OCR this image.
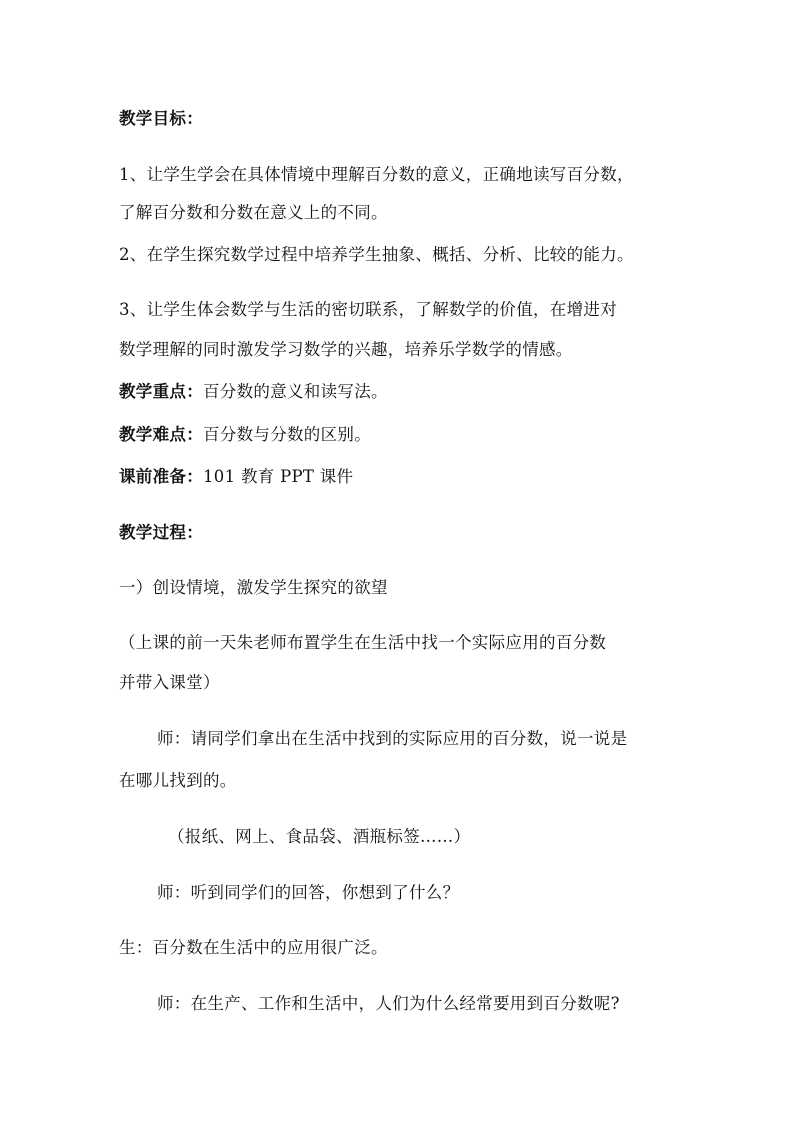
教学目标：
1、让学生学会在具体情境中理解百分数的意义，正确地读写百分数，
了解百分数和分数在意义上的不同。
2、在学生探究数学过程中培养学生抽象、概括、分析、比较的能力。
3、让学生体会数学与生活的密切联系，了解数学的价值，在增进对
数学理解的同时激发学习数学的兴趣，培养乐学数学的情感。
教学重点：百分数的意义和读写法。
教学难点：百分数与分数的区别。
课前准备：101 教育 PPT 课件
教学过程：
一）创设情境，激发学生探究的欲望
（上课的前一天朱老师布置学生在生活中找一个实际应用的百分数
并带入课堂）
师：请同学们拿出在生活中找到的实际应用的百分数，说一说是
在哪儿找到的。
（报纸、网上、食品袋、酒瓶标签……）
师：听到同学们的回答，你想到了什么？
生：百分数在生活中的应用很广泛。
师：在生产、工作和生活中，人们为什么经常要用到百分数呢?
